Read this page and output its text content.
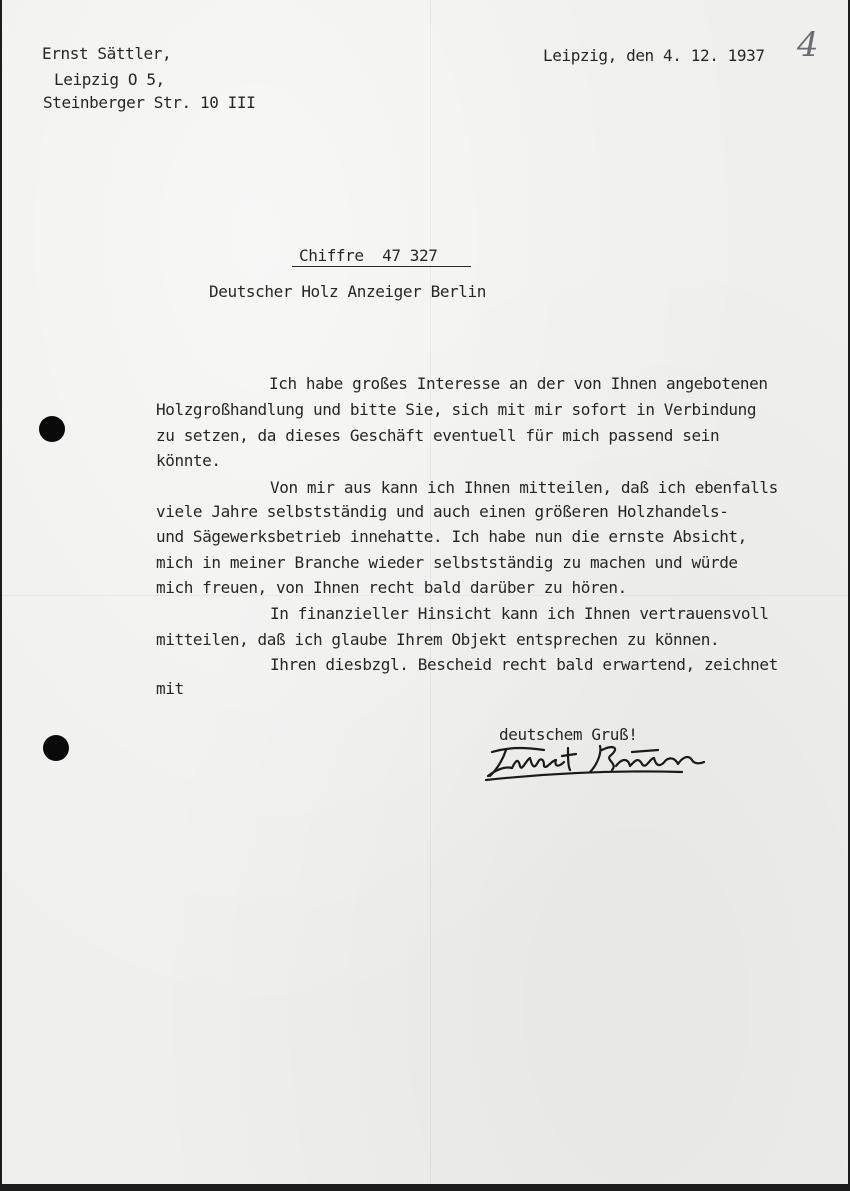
Ernst Sättler,

Leipzig O 5,

Steinberger Str. 10 III

Leipzig, den 4. 12. 1937 4

Chiffre  47 327

Deutscher Holz Anzeiger Berlin

Ich habe großes Interesse an der von Ihnen angebotenen

Holzgroßhandlung und bitte Sie, sich mit mir sofort in Verbindung

zu setzen, da dieses Geschäft eventuell für mich passend sein

könnte.

Von mir aus kann ich Ihnen mitteilen, daß ich ebenfalls

viele Jahre selbstständig und auch einen größeren Holzhandels-

und Sägewerksbetrieb innehatte. Ich habe nun die ernste Absicht,

mich in meiner Branche wieder selbstständig zu machen und würde

mich freuen, von Ihnen recht bald darüber zu hören.

In finanzieller Hinsicht kann ich Ihnen vertrauensvoll

mitteilen, daß ich glaube Ihrem Objekt entsprechen zu können.

Ihren diesbzgl. Bescheid recht bald erwartend, zeichnet

mit

deutschem Gruß!
